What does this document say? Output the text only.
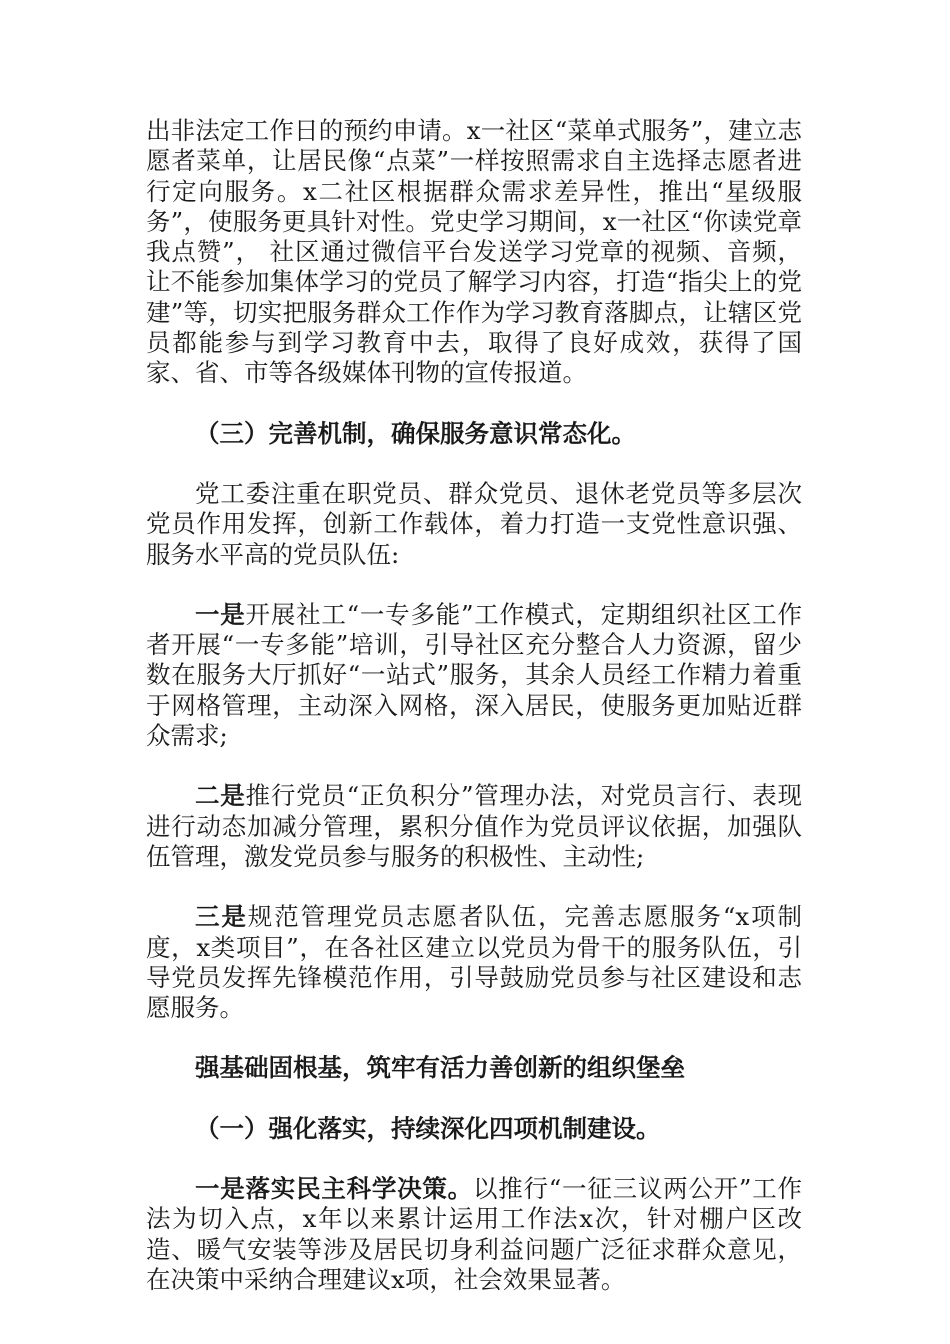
出非法定工作日的预约申请。x一社区“菜单式服务”，建立志愿者菜单，让居民像“点菜”一样按照需求自主选择志愿者进行定向服务。x二社区根据群众需求差异性，推出“星级服务”，使服务更具针对性。党史学习期间，x一社区“你读党章我点赞”， 社区通过微信平台发送学习党章的视频、音频，让不能参加集体学习的党员了解学习内容，打造“指尖上的党建”等，切实把服务群众工作作为学习教育落脚点，让辖区党员都能参与到学习教育中去，取得了良好成效，获得了国家、省、市等各级媒体刊物的宣传报道。

（三）完善机制，确保服务意识常态化。

党工委注重在职党员、群众党员、退休老党员等多层次党员作用发挥，创新工作载体，着力打造一支党性意识强、服务水平高的党员队伍:

一是开展社工“一专多能”工作模式，定期组织社区工作者开展“一专多能”培训，引导社区充分整合人力资源，留少数在服务大厅抓好“一站式”服务，其余人员经工作精力着重于网格管理，主动深入网格，深入居民，使服务更加贴近群众需求;

二是推行党员“正负积分”管理办法，对党员言行、表现进行动态加减分管理，累积分值作为党员评议依据，加强队伍管理，激发党员参与服务的积极性、主动性;

三是规范管理党员志愿者队伍，完善志愿服务“x项制度，x类项目”，在各社区建立以党员为骨干的服务队伍，引导党员发挥先锋模范作用，引导鼓励党员参与社区建设和志愿服务。

强基础固根基，筑牢有活力善创新的组织堡垒

（一）强化落实，持续深化四项机制建设。

一是落实民主科学决策。以推行“一征三议两公开”工作法为切入点，x年以来累计运用工作法x次，针对棚户区改造、暖气安装等涉及居民切身利益问题广泛征求群众意见，在决策中采纳合理建议x项，社会效果显著。
